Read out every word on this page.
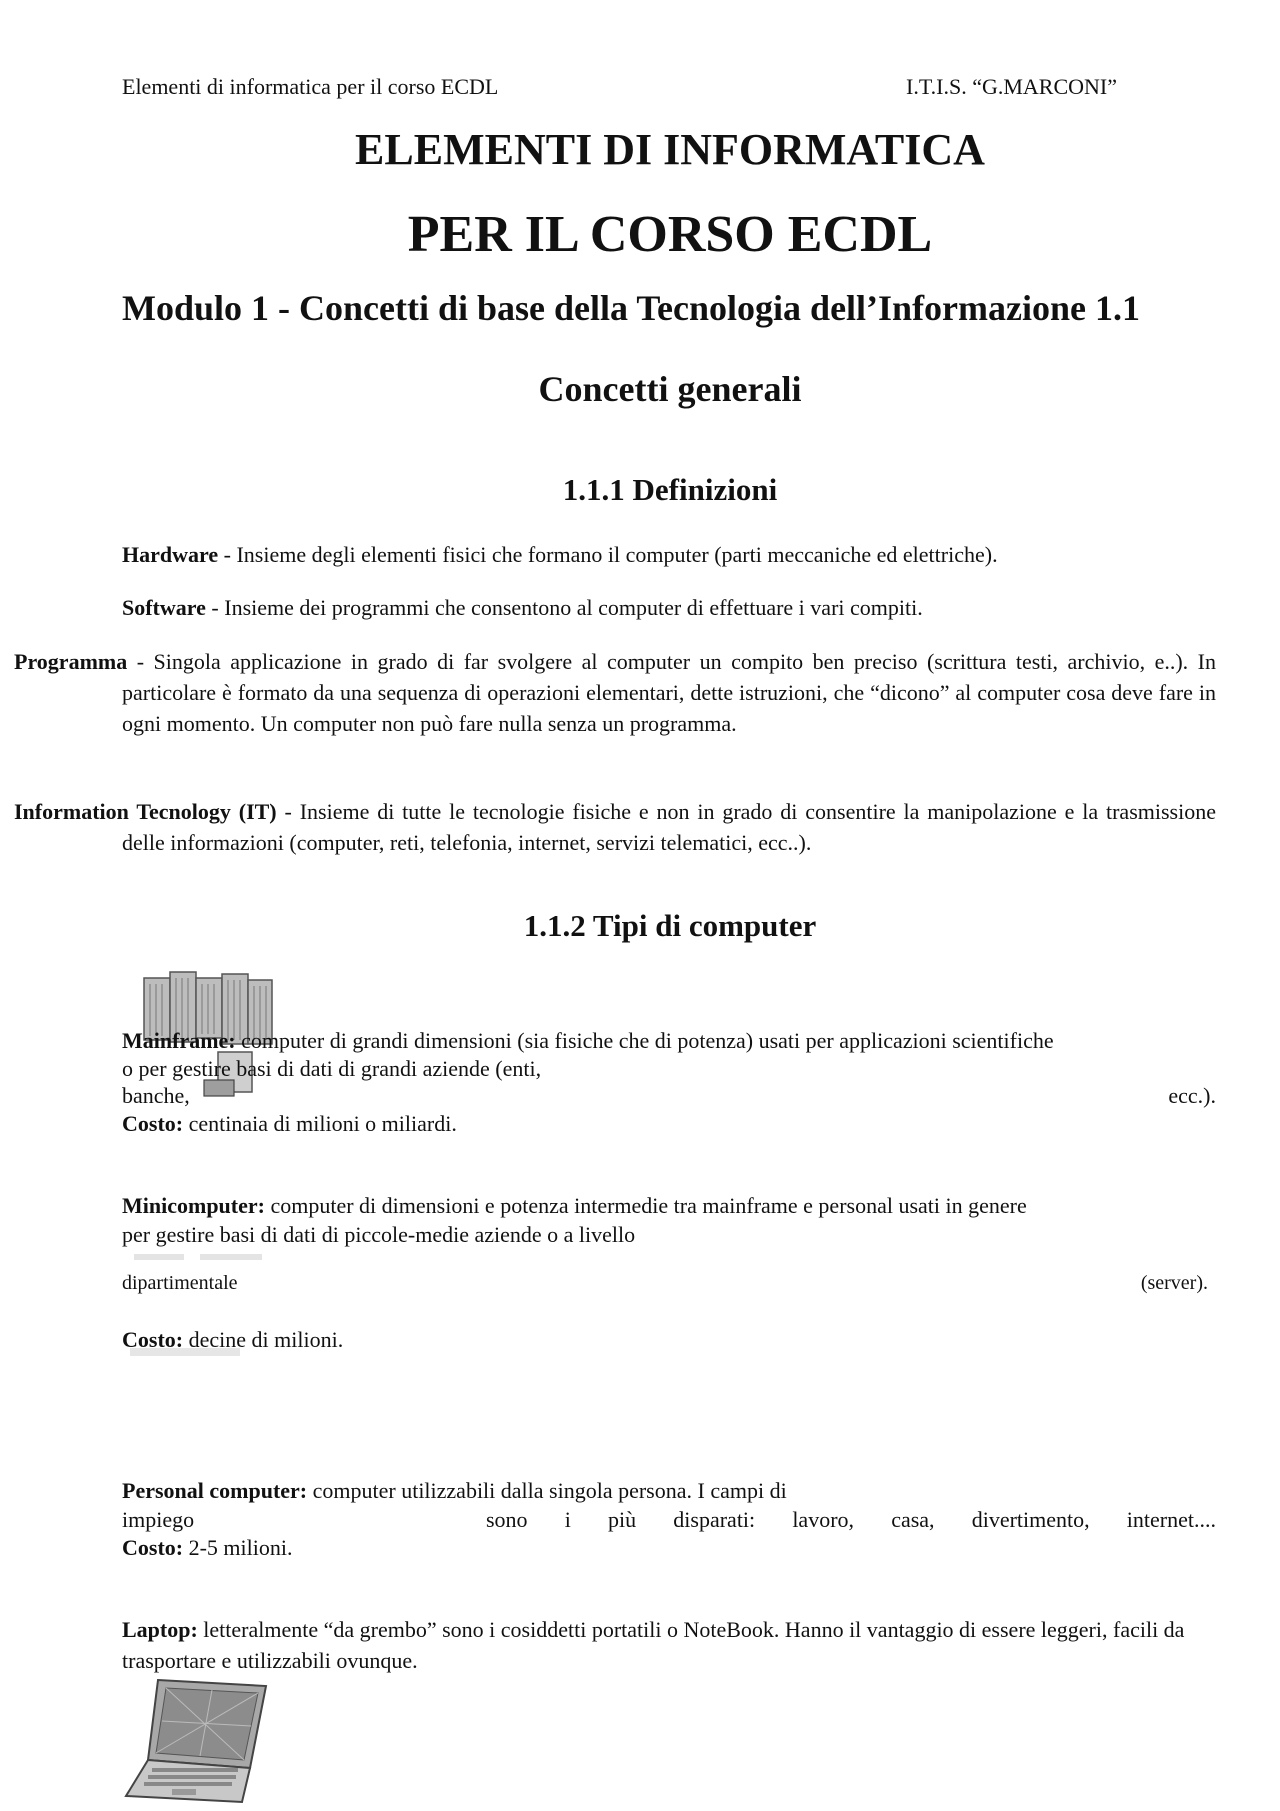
Elementi di informatica per il corso ECDL	I.T.I.S. “G.MARCONI”
ELEMENTI DI INFORMATICA
PER IL CORSO ECDL
Modulo 1 - Concetti di base della Tecnologia dell’Informazione 1.1
Concetti generali
1.1.1 Definizioni
Hardware - Insieme degli elementi fisici che formano il computer (parti meccaniche ed elettriche).
Software - Insieme dei programmi che consentono al computer di effettuare i vari compiti.
Programma - Singola applicazione in grado di far svolgere al computer un compito ben preciso (scrittura testi, archivio, e..). In particolare è formato da una sequenza di operazioni elementari, dette istruzioni, che “dicono” al computer cosa deve fare in ogni momento. Un computer non può fare nulla senza un programma.
Information Tecnology (IT) - Insieme di tutte le tecnologie fisiche e non in grado di consentire la manipolazione e la trasmissione delle informazioni (computer, reti, telefonia, internet, servizi telematici, ecc..).
1.1.2 Tipi di computer
Mainframe: computer di grandi dimensioni (sia fisiche che di potenza) usati per applicazioni scientifiche
o per gestire basi di dati di grandi aziende (enti,
banche,	ecc.).
Costo: centinaia di milioni o miliardi.
Minicomputer: computer di dimensioni e potenza intermedie tra mainframe e personal usati in genere
per gestire basi di dati di piccole-medie aziende o a livello
dipartimentale	(server).
Costo: decine di milioni.
Personal computer: computer utilizzabili dalla singola persona. I campi di
impiego	sono i più disparati: lavoro, casa, divertimento, internet....
Costo: 2-5 milioni.
Laptop: letteralmente “da grembo” sono i cosiddetti portatili o NoteBook. Hanno il vantaggio di essere leggeri, facili da trasportare e utilizzabili ovunque.
